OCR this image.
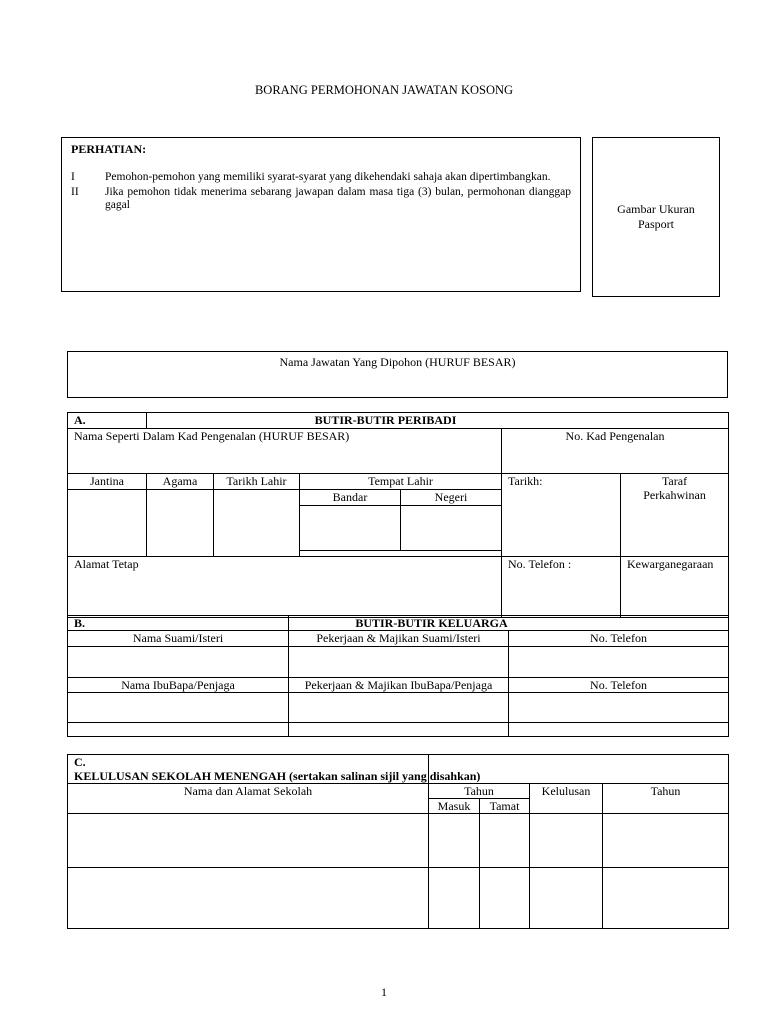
BORANG PERMOHONAN JAWATAN KOSONG
PERHATIAN:
I	Pemohon-pemohon yang memiliki syarat-syarat yang dikehendaki sahaja akan dipertimbangkan.
II	Jika pemohon tidak menerima sebarang jawapan dalam masa tiga (3) bulan, permohonan dianggap gagal	Gambar Ukuran Pasport
Nama Jawatan Yang Dipohon (HURUF BESAR)
A.	BUTIR-BUTIR PERIBADI					
Nama Seperti Dalam Kad Pengenalan (HURUF BESAR)					No. Kad Pengenalan	
Jantina	Agama	Tarikh Lahir	Tempat Lahir		Tarikh:	Taraf Perkahwinan

			Bandar	Negeri		

Alamat Tetap					No. Telefon :	Kewarganegaraan
B.	BUTIR-BUTIR KELUARGA	
Nama Suami/Isteri	Pekerjaan & Majikan Suami/Isteri	No. Telefon

Nama IbuBapa/Penjaga	Pekerjaan & Majikan IbuBapa/Penjaga	No. Telefon

C.KELULUSAN SEKOLAH MENENGAH (sertakan salinan sijil yang disahkan)				
Nama dan Alamat Sekolah	Tahun		Kelulusan	Tahun
	Masuk	Tamat		

1
